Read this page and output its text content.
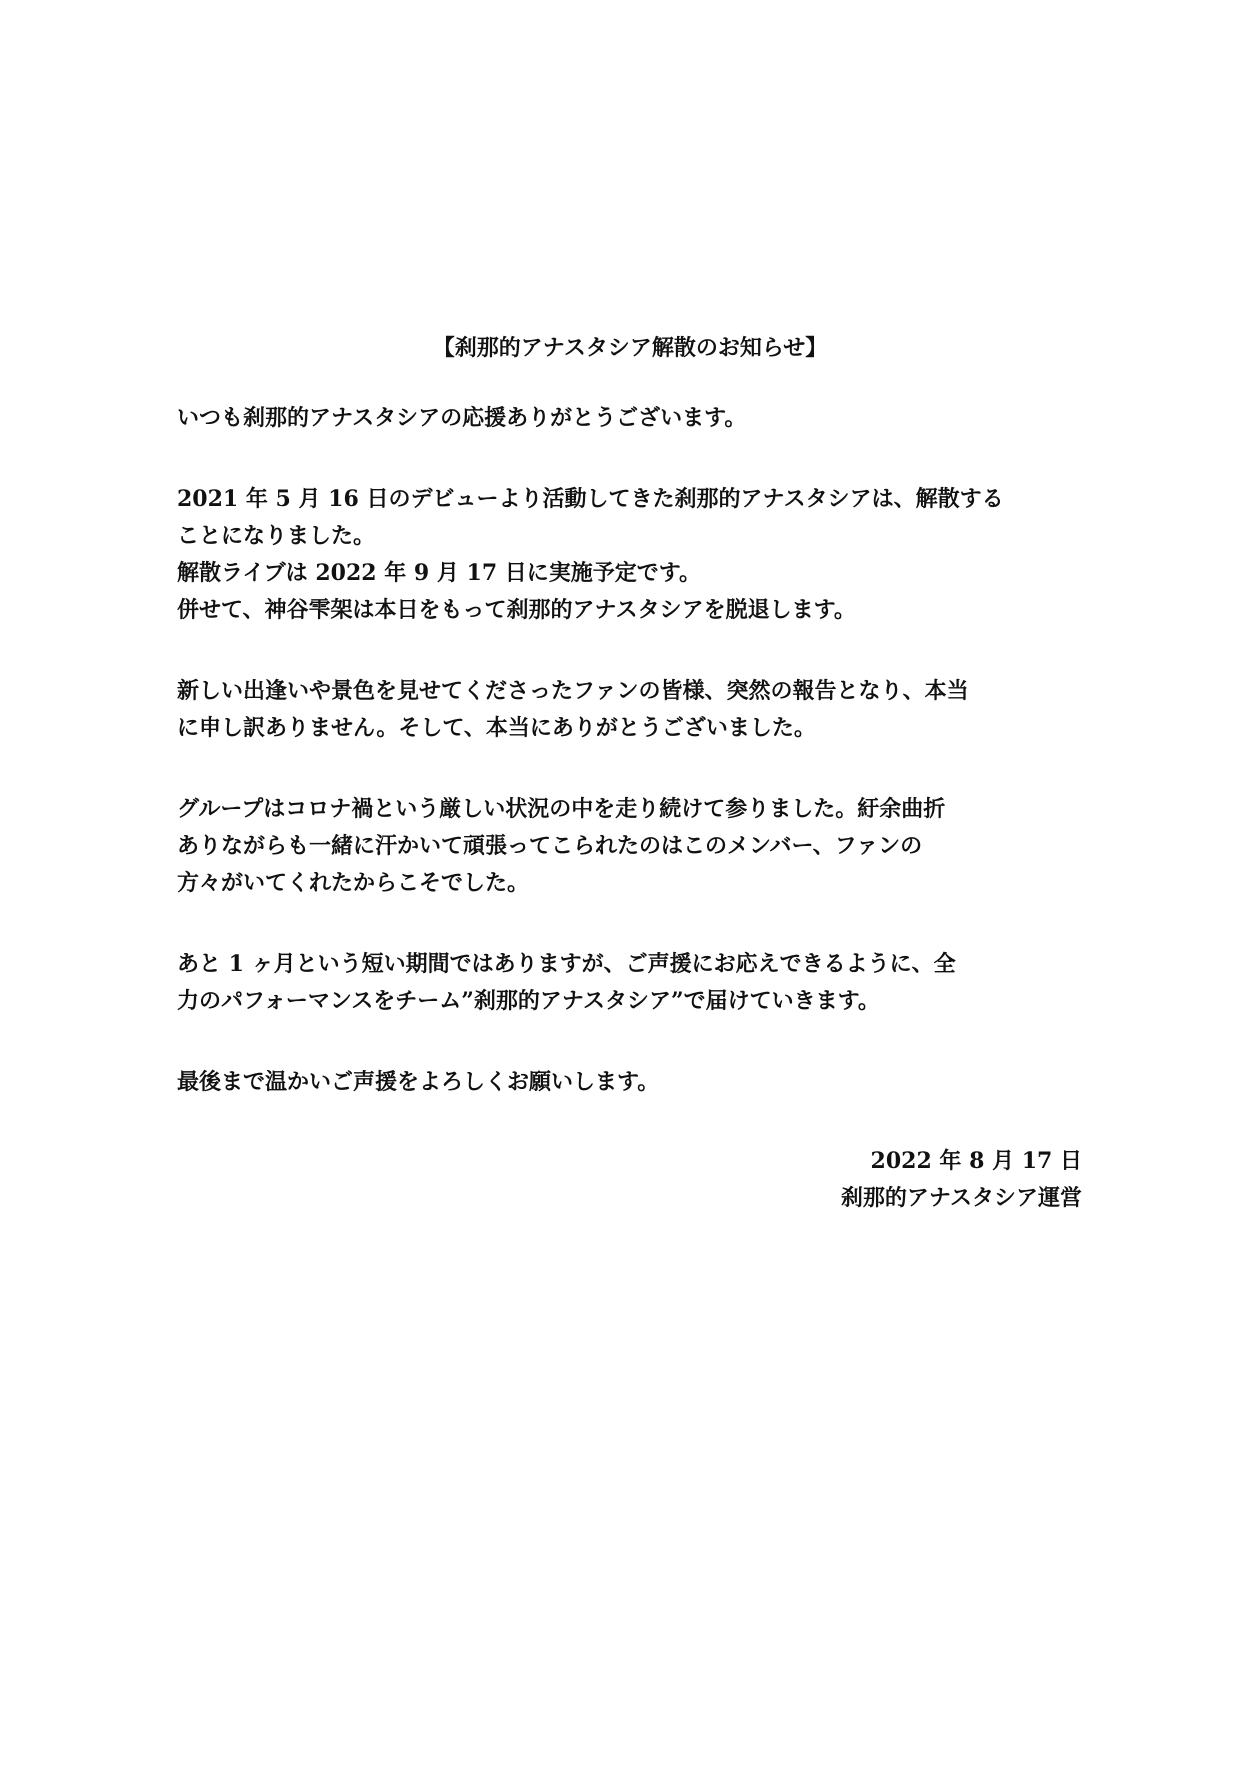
【刹那的アナスタシア解散のお知らせ】
いつも刹那的アナスタシアの応援ありがとうございます。
2021 年 5 月 16 日のデビューより活動してきた刹那的アナスタシアは、解散する
ことになりました。
解散ライブは 2022 年 9 月 17 日に実施予定です。
併せて、神谷雫架は本日をもって刹那的アナスタシアを脱退します。
新しい出逢いや景色を見せてくださったファンの皆様、突然の報告となり、本当
に申し訳ありません。そして、本当にありがとうございました。
グループはコロナ禍という厳しい状況の中を走り続けて参りました。紆余曲折
ありながらも一緒に汗かいて頑張ってこられたのはこのメンバー、ファンの
方々がいてくれたからこそでした。
あと 1 ヶ月という短い期間ではありますが、ご声援にお応えできるように、全
力のパフォーマンスをチーム”刹那的アナスタシア”で届けていきます。
最後まで温かいご声援をよろしくお願いします。
2022 年 8 月 17 日
刹那的アナスタシア運営
